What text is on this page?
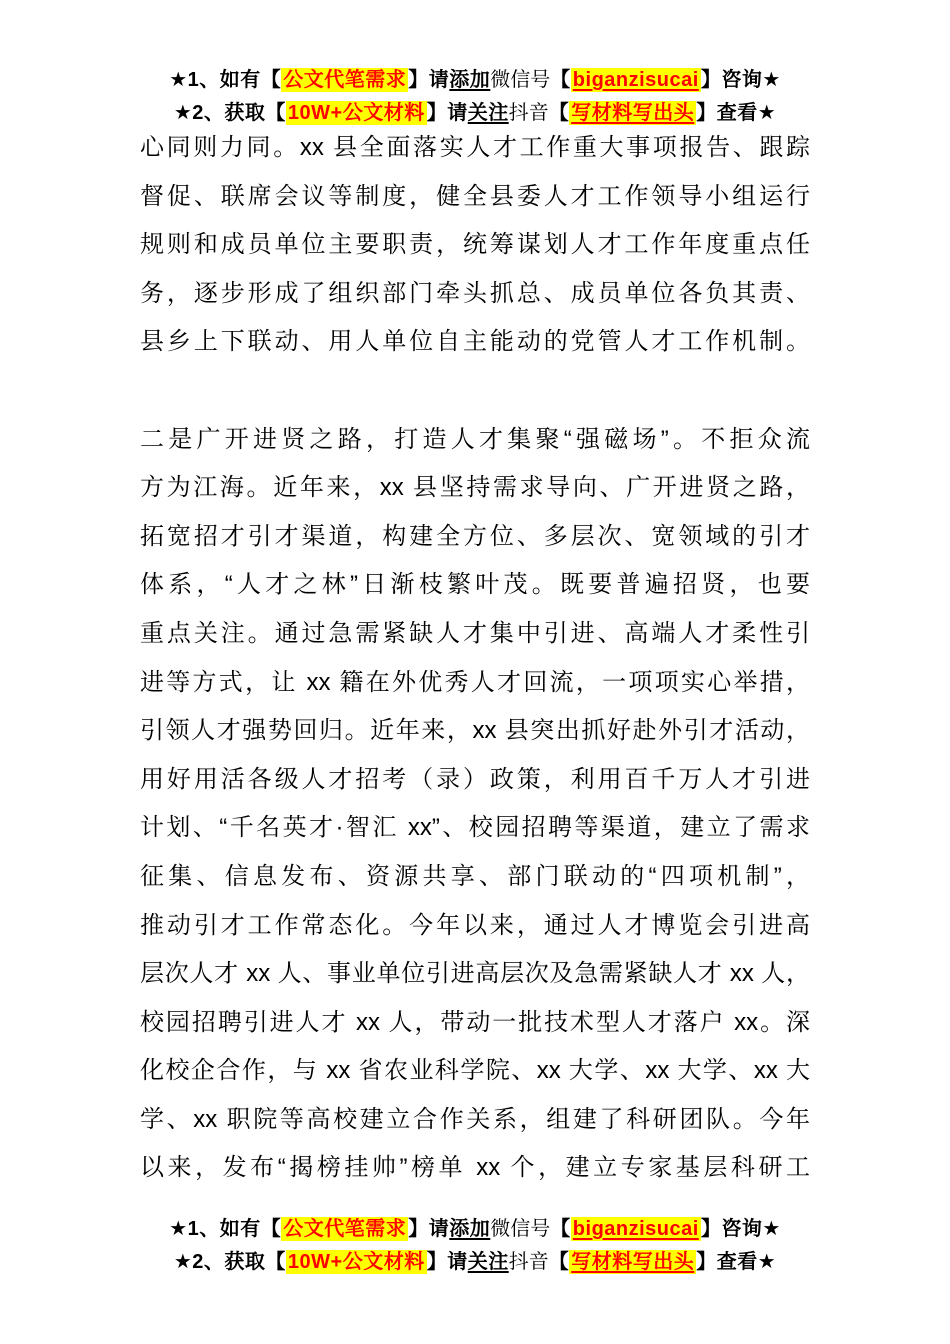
★1、如有【 公文代笔需求 】请添加微信号【 biganzisucai 】咨询★
★2、获取【 10W+公文材料 】请关注抖音【 写材料写出头 】查看★
心同则力同。xx 县全面落实人才工作重大事项报告、跟踪
督促、联席会议等制度，健全县委人才工作领导小组运行
规则和成员单位主要职责，统筹谋划人才工作年度重点任
务，逐步形成了组织部门牵头抓总、成员单位各负其责、
县乡上下联动、用人单位自主能动的党管人才工作机制。
二是广开进贤之路，打造人才集聚“强磁场”。不拒众流
方为江海。近年来，xx 县坚持需求导向、广开进贤之路，
拓宽招才引才渠道，构建全方位、多层次、宽领域的引才
体系，“人才之林”日渐枝繁叶茂。既要普遍招贤，也要
重点关注。通过急需紧缺人才集中引进、高端人才柔性引
进等方式，让 xx 籍在外优秀人才回流，一项项实心举措，
引领人才强势回归。近年来，xx 县突出抓好赴外引才活动，
用好用活各级人才招考（录）政策，利用百千万人才引进
计划、“千名英才·智汇 xx”、校园招聘等渠道，建立了需求
征集、信息发布、资源共享、部门联动的“四项机制”，
推动引才工作常态化。今年以来，通过人才博览会引进高
层次人才 xx 人、事业单位引进高层次及急需紧缺人才 xx 人，
校园招聘引进人才 xx 人，带动一批技术型人才落户 xx。深
化校企合作，与 xx 省农业科学院、xx 大学、xx 大学、xx 大
学、xx 职院等高校建立合作关系，组建了科研团队。今年
以来，发布“揭榜挂帅”榜单 xx 个，建立专家基层科研工
★1、如有【 公文代笔需求 】请添加微信号【 biganzisucai 】咨询★
★2、获取【 10W+公文材料 】请关注抖音【 写材料写出头 】查看★
